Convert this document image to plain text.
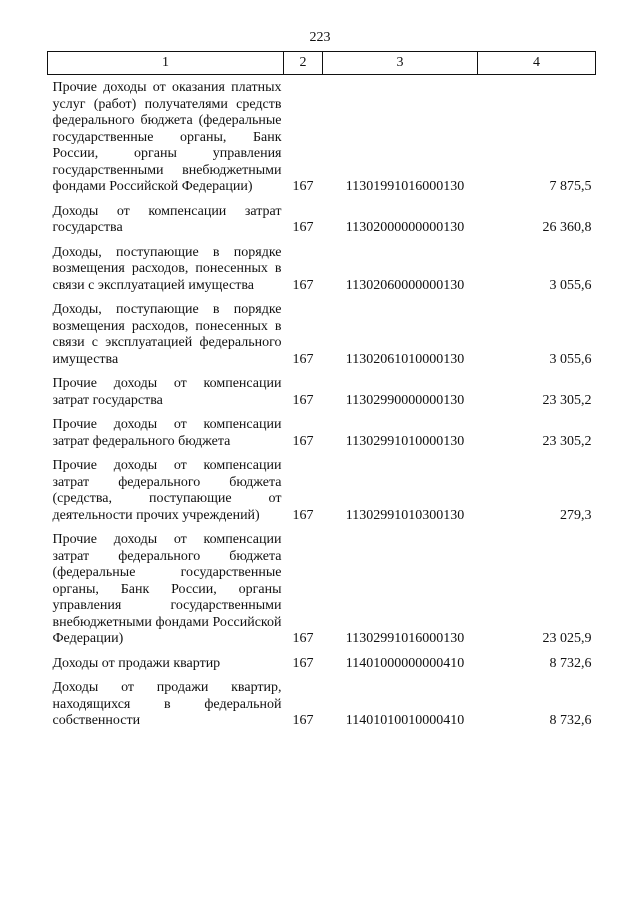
223
1	2	3	4
Прочие доходы от оказания платных услуг (работ) получателями средств федерального бюджета (федеральные государственные органы, Банк России, органы управления государственными внебюджетными фондами Российской Федерации)	167	11301991016000130	7 875,5
Доходы от компенсации затрат государства	167	11302000000000130	26 360,8
Доходы, поступающие в порядке возмещения расходов, понесенных в связи с эксплуатацией имущества	167	11302060000000130	3 055,6
Доходы, поступающие в порядке возмещения расходов, понесенных в связи с эксплуатацией федерального имущества	167	11302061010000130	3 055,6
Прочие доходы от компенсации затрат государства	167	11302990000000130	23 305,2
Прочие доходы от компенсации затрат федерального бюджета	167	11302991010000130	23 305,2
Прочие доходы от компенсации затрат федерального бюджета (средства, поступающие от деятельности прочих учреждений)	167	11302991010300130	279,3
Прочие доходы от компенсации затрат федерального бюджета (федеральные государственные органы, Банк России, органы управления государственными внебюджетными фондами Российской Федерации)	167	11302991016000130	23 025,9
Доходы от продажи квартир	167	11401000000000410	8 732,6
Доходы от продажи квартир, находящихся в федеральной собственности	167	11401010010000410	8 732,6
